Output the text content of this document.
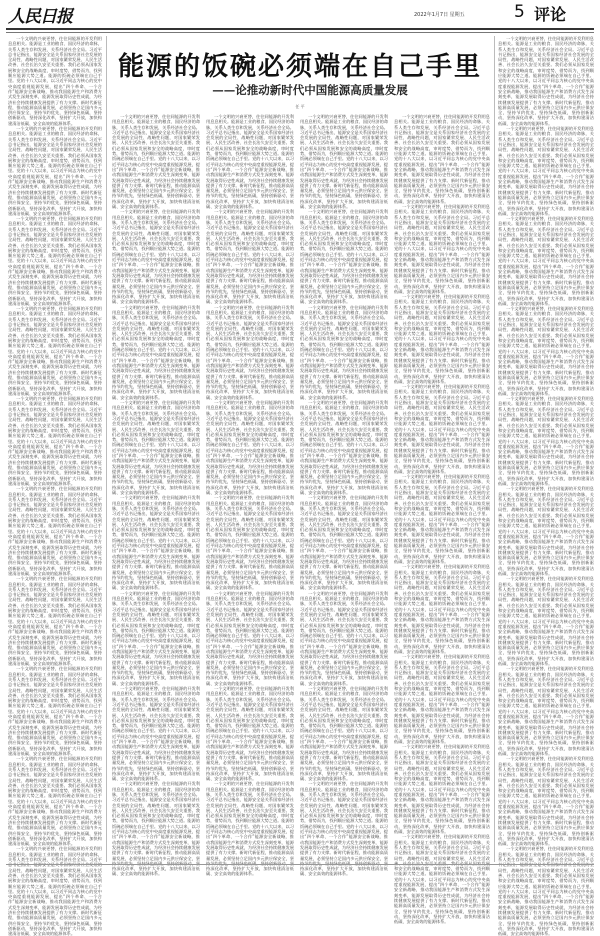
人民日报	2022年1月7日 星期五	5 评论
能源的饭碗必须端在自己手里
——论推动新时代中国能源高质量发展
任 平

一个文明的兴衰更替，往往同能源的开发利用息息相关。能源是工业的粮食、国民经济的命脉，关系人类生存和发展，关系经济社会全局。习近平总书记指出，能源安全是关系国家经济社会发展的全局性、战略性问题，对国家繁荣发展、人民生活改善、社会长治久安至关重要。我们必须从国家发展和安全的战略高度，审时度势，借势而为，找到顺应能源大势之道。能源的饭碗必须端在自己手里。党的十八大以来，以习近平同志为核心的党中央高度重视能源发展，提出“四个革命、一个合作”能源安全新战略，推动我国能源生产和消费方式发生深刻变革，能源发展取得历史性成就，为经济社会持续健康发展提供了有力支撑。新时代新征程，推动能源高质量发展，必须坚持立足国内多元供应保安全，坚持节约优先，坚持绿色低碳，坚持创新驱动，坚持深化改革，坚持扩大开放，加快构建清洁低碳、安全高效的能源体系。

一个文明的兴衰更替，往往同能源的开发利用息息相关。能源是工业的粮食、国民经济的命脉，关系人类生存和发展，关系经济社会全局。习近平总书记指出，能源安全是关系国家经济社会发展的全局性、战略性问题，对国家繁荣发展、人民生活改善、社会长治久安至关重要。我们必须从国家发展和安全的战略高度，审时度势，借势而为，找到顺应能源大势之道。能源的饭碗必须端在自己手里。党的十八大以来，以习近平同志为核心的党中央高度重视能源发展，提出“四个革命、一个合作”能源安全新战略，推动我国能源生产和消费方式发生深刻变革，能源发展取得历史性成就，为经济社会持续健康发展提供了有力支撑。新时代新征程，推动能源高质量发展，必须坚持立足国内多元供应保安全，坚持节约优先，坚持绿色低碳，坚持创新驱动，坚持深化改革，坚持扩大开放，加快构建清洁低碳、安全高效的能源体系。

一个文明的兴衰更替，往往同能源的开发利用息息相关。能源是工业的粮食、国民经济的命脉，关系人类生存和发展，关系经济社会全局。习近平总书记指出，能源安全是关系国家经济社会发展的全局性、战略性问题，对国家繁荣发展、人民生活改善、社会长治久安至关重要。我们必须从国家发展和安全的战略高度，审时度势，借势而为，找到顺应能源大势之道。能源的饭碗必须端在自己手里。党的十八大以来，以习近平同志为核心的党中央高度重视能源发展，提出“四个革命、一个合作”能源安全新战略，推动我国能源生产和消费方式发生深刻变革，能源发展取得历史性成就，为经济社会持续健康发展提供了有力支撑。新时代新征程，推动能源高质量发展，必须坚持立足国内多元供应保安全，坚持节约优先，坚持绿色低碳，坚持创新驱动，坚持深化改革，坚持扩大开放，加快构建清洁低碳、安全高效的能源体系。

一个文明的兴衰更替，往往同能源的开发利用息息相关。能源是工业的粮食、国民经济的命脉，关系人类生存和发展，关系经济社会全局。习近平总书记指出，能源安全是关系国家经济社会发展的全局性、战略性问题，对国家繁荣发展、人民生活改善、社会长治久安至关重要。我们必须从国家发展和安全的战略高度，审时度势，借势而为，找到顺应能源大势之道。能源的饭碗必须端在自己手里。党的十八大以来，以习近平同志为核心的党中央高度重视能源发展，提出“四个革命、一个合作”能源安全新战略，推动我国能源生产和消费方式发生深刻变革，能源发展取得历史性成就，为经济社会持续健康发展提供了有力支撑。新时代新征程，推动能源高质量发展，必须坚持立足国内多元供应保安全，坚持节约优先，坚持绿色低碳，坚持创新驱动，坚持深化改革，坚持扩大开放，加快构建清洁低碳、安全高效的能源体系。

一个文明的兴衰更替，往往同能源的开发利用息息相关。能源是工业的粮食、国民经济的命脉，关系人类生存和发展，关系经济社会全局。习近平总书记指出，能源安全是关系国家经济社会发展的全局性、战略性问题，对国家繁荣发展、人民生活改善、社会长治久安至关重要。我们必须从国家发展和安全的战略高度，审时度势，借势而为，找到顺应能源大势之道。能源的饭碗必须端在自己手里。党的十八大以来，以习近平同志为核心的党中央高度重视能源发展，提出“四个革命、一个合作”能源安全新战略，推动我国能源生产和消费方式发生深刻变革，能源发展取得历史性成就，为经济社会持续健康发展提供了有力支撑。新时代新征程，推动能源高质量发展，必须坚持立足国内多元供应保安全，坚持节约优先，坚持绿色低碳，坚持创新驱动，坚持深化改革，坚持扩大开放，加快构建清洁低碳、安全高效的能源体系。

一个文明的兴衰更替，往往同能源的开发利用息息相关。能源是工业的粮食、国民经济的命脉，关系人类生存和发展，关系经济社会全局。习近平总书记指出，能源安全是关系国家经济社会发展的全局性、战略性问题，对国家繁荣发展、人民生活改善、社会长治久安至关重要。我们必须从国家发展和安全的战略高度，审时度势，借势而为，找到顺应能源大势之道。能源的饭碗必须端在自己手里。党的十八大以来，以习近平同志为核心的党中央高度重视能源发展，提出“四个革命、一个合作”能源安全新战略，推动我国能源生产和消费方式发生深刻变革，能源发展取得历史性成就，为经济社会持续健康发展提供了有力支撑。新时代新征程，推动能源高质量发展，必须坚持立足国内多元供应保安全，坚持节约优先，坚持绿色低碳，坚持创新驱动，坚持深化改革，坚持扩大开放，加快构建清洁低碳、安全高效的能源体系。

一个文明的兴衰更替，往往同能源的开发利用息息相关。能源是工业的粮食、国民经济的命脉，关系人类生存和发展，关系经济社会全局。习近平总书记指出，能源安全是关系国家经济社会发展的全局性、战略性问题，对国家繁荣发展、人民生活改善、社会长治久安至关重要。我们必须从国家发展和安全的战略高度，审时度势，借势而为，找到顺应能源大势之道。能源的饭碗必须端在自己手里。党的十八大以来，以习近平同志为核心的党中央高度重视能源发展，提出“四个革命、一个合作”能源安全新战略，推动我国能源生产和消费方式发生深刻变革，能源发展取得历史性成就，为经济社会持续健康发展提供了有力支撑。新时代新征程，推动能源高质量发展，必须坚持立足国内多元供应保安全，坚持节约优先，坚持绿色低碳，坚持创新驱动，坚持深化改革，坚持扩大开放，加快构建清洁低碳、安全高效的能源体系。

一个文明的兴衰更替，往往同能源的开发利用息息相关。能源是工业的粮食、国民经济的命脉，关系人类生存和发展，关系经济社会全局。习近平总书记指出，能源安全是关系国家经济社会发展的全局性、战略性问题，对国家繁荣发展、人民生活改善、社会长治久安至关重要。我们必须从国家发展和安全的战略高度，审时度势，借势而为，找到顺应能源大势之道。能源的饭碗必须端在自己手里。党的十八大以来，以习近平同志为核心的党中央高度重视能源发展，提出“四个革命、一个合作”能源安全新战略，推动我国能源生产和消费方式发生深刻变革，能源发展取得历史性成就，为经济社会持续健康发展提供了有力支撑。新时代新征程，推动能源高质量发展，必须坚持立足国内多元供应保安全，坚持节约优先，坚持绿色低碳，坚持创新驱动，坚持深化改革，坚持扩大开放，加快构建清洁低碳、安全高效的能源体系。

一个文明的兴衰更替，往往同能源的开发利用息息相关。能源是工业的粮食、国民经济的命脉，关系人类生存和发展，关系经济社会全局。习近平总书记指出，能源安全是关系国家经济社会发展的全局性、战略性问题，对国家繁荣发展、人民生活改善、社会长治久安至关重要。我们必须从国家发展和安全的战略高度，审时度势，借势而为，找到顺应能源大势之道。能源的饭碗必须端在自己手里。党的十八大以来，以习近平同志为核心的党中央高度重视能源发展，提出“四个革命、一个合作”能源安全新战略，推动我国能源生产和消费方式发生深刻变革，能源发展取得历史性成就，为经济社会持续健康发展提供了有力支撑。新时代新征程，推动能源高质量发展，必须坚持立足国内多元供应保安全，坚持节约优先，坚持绿色低碳，坚持创新驱动，坚持深化改革，坚持扩大开放，加快构建清洁低碳、安全高效的能源体系。

一个文明的兴衰更替，往往同能源的开发利用息息相关。能源是工业的粮食、国民经济的命脉，关系人类生存和发展，关系经济社会全局。习近平 全局性、战略性问题，对国家繁荣发展、人民生活改善、社会长治久安至关重要。我们必须从国家发展和安全的战略高度，审时度势，借势而为，找到顺应能源大势之道。能源的饭碗必须端在自己手里。党的十八大以来，以习近平同志为核心的党中央高度重视能源发展，提出“四个革命、一个合作”能源安全新战略，推动我国能源生产和消费方式发生深刻变革，能源发展取得历史性成就，为经济社会持续健康发展提供了有力支撑。新时代新征程，推动能源高质量发展，必须坚持立足国内多元供应保安全，坚持节约优先，坚持绿色低碳，坚持创新驱动，坚持深化改革，坚持扩大开放，加快构建清洁低碳、安全高效的能源体系。

一个文明的兴衰更替，往往同能源的开发利用息息相关。能源是工业的粮食、国民经济的命脉，关系人类生存和发展，关系经济社会全局。习近平总书记指出，能源安全是关系国家经济社会发展的全局性、战略性问题，对国家繁荣发展、人民生活改善、社会长治久安至关重要。我们必须从国家发展和安全的战略高度，审时度势，借势而为，找到顺应能源大势之道。能源的饭碗必须端在自己手里。党的十八大以来，以习近平同志为核心的党中央高度重视能源发展，提出“四个革命、一个合作”能源安全新战略，推动我国能源生产和消费方式发生深刻变革，能源发展取得历史性成就，为经济社会持续健康发展提供了有力支撑。新时代新征程，推动能源高质量发展，必须坚持立足国内多元供应保安全，坚持节约优先，坚持绿色低碳，坚持创新驱动，坚持深化改革，坚持扩大开放，加快构建清洁低碳、安全高效的能源体系。

一个文明的兴衰更替，往往同能源的开发利用息息相关。能源是工业的粮食、国民经济的命脉，关系人类生存和发展，关系经济社会全局。习近平总书记指出，能源安全是关系国家经济社会发展的全局性、战略性问题，对国家繁荣发展、人民生活改善、社会长治久安至关重要。我们必须从国家发展和安全的战略高度，审时度势，借势而为，找到顺应能源大势之道。能源的饭碗必须端在自己手里。党的十八大以来，以习近平同志为核心的党中央高度重视能源发展，提出“四个革命、一个合作”能源安全新战略，推动我国能源生产和消费方式发生深刻变革，能源发展取得历史性成就，为经济社会持续健康发展提供了有力支撑。新时代新征程，推动能源高质量发展，必须坚持立足国内多元供应保安全，坚持节约优先，坚持绿色低碳，坚持创新驱动，坚持深化改革，坚持扩大开放，加快构建清洁低碳、安全高效的能源体系。

一个文明的兴衰更替，往往同能源的开发利用息息相关。能源是工业的粮食、国民经济的命脉，关系人类生存和发展，关系经济社会全局。习近平总书记指出，能源安全是关系国家经济社会发展的全局性、战略性问题，对国家繁荣发展、人民生活改善、社会长治久安至关重要。我们必须从国家发展和安全的战略高度，审时度势，借势而为，找到顺应能源大势之道。能源的饭碗必须端在自己手里。党的十八大以来，以习近平同志为核心的党中央高度重视能源发展，提出“四个革命、一个合作”能源安全新战略，推动我国能源生产和消费方式发生深刻变革，能源发展取得历史性成就，为经济社会持续健康发展提供了有力支撑。新时代新征程，推动能源高质量发展，必须坚持立足国内多元供应保安全，坚持节约优先，坚持绿色低碳，坚持创新驱动，坚持深化改革，坚持扩大开放，加快构建清洁低碳、安全高效的能源体系。

一个文明的兴衰更替，往往同能源的开发利用息息相关。能源是工业的粮食、国民经济的命脉，关系人类生存和发展，关系经济社会全局。习近平总书记指出，能源安全是关系国家经济社会发展的全局性、战略性问题，对国家繁荣发展、人民生活改善、社会长治久安至关重要。我们必须从国家发展和安全的战略高度，审时度势，借势而为，找到顺应能源大势之道。能源的饭碗必须端在自己手里。党的十八大以来，以习近平同志为核心的党中央高度重视能源发展，提出“四个革命、一个合作”能源安全新战略，推动我国能源生产和消费方式发生深刻变革，能源发展取得历史性成就，为经济社会持续健康发展提供了有力支撑。新时代新征程，推动能源高质量发展，必须坚持立足国内多元供应保安全，坚持节约优先，坚持绿色低碳，坚持创新驱动，坚持深化改革，坚持扩大开放，加快构建清洁低碳、安全高效的能源体系。

一个文明的兴衰更替，往往同能源的开发利用息息相关。能源是工业的粮食、国民经济的命脉，关系人类生存和发展，关系经济社会全局。习近平总书记指出，能源安全是关系国家经济社会发展的全局性、战略性问题，对国家繁荣发展、人民生活改善、社会长治久安至关重要。我们必须从国家发展和安全的战略高度，审时度势，借势而为，找到顺应能源大势之道。能源的饭碗必须端在自己手里。党的十八大以来，以习近平同志为核心的党中央高度重视能源发展，提出“四个革命、一个合作”能源安全新战略，推动我国能源生产和消费方式发生深刻变革，能源发展取得历史性成就，为经济社会持续健康发展提供了有力支撑。新时代新征程，推动能源高质量发展，必须坚持立足国内多元供应保安全，坚持节约优先，坚持绿色低碳，坚持创新驱动，坚持深化改革，坚持扩大开放，加快构建清洁低碳、安全高效的能源体系。

一个文明的兴衰更替，往往同能源的开发利用息息相关。能源是工业的粮食、国民经济的命脉，关系人类生存和发展，关系经济社会全局。习近平总书记指出，能源安全是关系国家经济社会发展的全局性、战略性问题，对国家繁荣发展、人民生活改善、社会长治久安至关重要。我们必须从国家发展和安全的战略高度，审时度势，借势而为，找到顺应能源大势之道。能源的饭碗必须端在自己手里。党的十八大以来，以习近平同志为核心的党中央高度重视能源发展，提出“四个革命、一个合作”能源安全新战略，推动我国能源生产和消费方式发生深刻变革，能源发展取得历史性成就，为经济社会持续健康发展提供了有力支撑。新时代新征程，推动能源高质量发展，必须坚持立足国内多元供应保安全，坚持节约优先，坚持绿色低碳，坚持创新驱动，坚持深化改革，坚持扩大开放，加快构建清洁低碳、安全高效的能源体系。

一个文明的兴衰更替，往往同能源的开发利用息息相关。能源是工业的粮食、国民经济的命脉，关系人类生存和发展，关系经济社会全局。习近平总书记指出，能源安全是关系国家经济社会发展的全局性、战略性问题，对国家繁荣发展、人民生活改善、社会长治久安至关重要。我们必须从国家发展和安全的战略高度，审时度势，借势而为，找到顺应能源大势之道。能源的饭碗必须端在自己手里。党的十八大以来，以习近平同志为核心的党中央高度重视能源发展，提出“四个革命、一个合作”能源安全新战略，推动我国能源生产和消费方式发生深刻变革，能源发展取得历史性成就，为经济社会持续健康发展提供了有力支撑。新时代新征程，推动能源高质量发展，必须坚持立足国内多元供应保安全，坚持节约优先，坚持绿色低碳，坚持创新驱动，坚持深化改革，坚持扩大开放，加快构建清洁低碳、安全高效的能源体系。

一个文明的兴衰更替，往往同能源的开发利用息息相关。能源是工业的粮食、国民经济的命脉，关系人类生存和发展，关系经济社会全局。习近平总书记指出，能源安全是关系国家经济社会发展的全局性、战略性问题，对国家繁荣发展、人民生活改善、社会长治久安至关重要。我们必须从国家发展和安全的战略高度，审时度势，借势而为，找到顺应能源大势之道。能源的饭碗必须端在自己手里。党的十八大以来，以习近平同志为核心的党中央高度重视能源发展，提出“四个革命、一个合作”能源安全新战略，推动我国能源生产和消费方式发生深刻变革，能源发展取得历史性成就，为经济社会持续健康发展提供了有力支撑。新时代新征程，推动能源高质量发展，必须坚持立足国内多元供应保安全，坚 持深化改革，坚持扩大开放，加快构建清洁低碳、安全高效的能源体系。

一个文明的兴衰更替，往往同能源的开发利用息息相关。能源是工业的粮食、国民经济的命脉，关系人类生存和发展，关系经济社会全局。习近平总书记指出，能源安全是关系国家经济社会发展的全局性、战略性问题，对国家繁荣发展、人民生活改善、社会长治久安至关重要。我们必须从国家发展和安全的战略高度，审时度势，借势而为，找到顺应能源大势之道。能源的饭碗必须端在自己手里。党的十八大以来，以习近平同志为核心的党中央高度重视能源发展，提出“四个革命、一个合作”能源安全新战略，推动我国能源生产和消费方式发生深刻变革，能源发展取得历史性成就，为经济社会持续健康发展提供了有力支撑。新时代新征程，推动能源高质量发展，必须坚持立足国内多元供应保安全，坚持节约优先，坚持绿色低碳，坚持创新驱动，坚持深化改革，坚持扩大开放，加快构建清洁低碳、安全高效的能源体系。

一个文明的兴衰更替，往往同能源的开发利用息息相关。能源是工业的粮食、国民经济的命脉，关系人类生存和发展，关系经济社会全局。习近平总书记指出，能源安全是关系国家经济社会发展的全局性、战略性问题，对国家繁荣发展、人民生活改善、社会长治久安至关重要。我们必须从国家发展和安全的战略高度，审时度势，借势而为，找到顺应能源大势之道。能源的饭碗必须端在自己手里。党的十八大以来，以习近平同志为核心的党中央高度重视能源发展，提出“四个革命、一个合作”能源安全新战略，推动我国能源生产和消费方式发生深刻变革，能源发展取得历史性成就，为经济社会持续健康发展提供了有力支撑。新时代新征程，推动能源高质量发展，必须坚持立足国内多元供应保安全，坚持节约优先，坚持绿色低碳，坚持创新驱动，坚持深化改革，坚持扩大开放，加快构建清洁低碳、安全高效的能源体系。

一个文明的兴衰更替，往往同能源的开发利用息息相关。能源是工业的粮食、国民经济的命脉，关系人类生存和发展，关系经济社会全局。习近平总书记指出，能源安全是关系国家经济社会发展的全局性、战略性问题，对国家繁荣发展、人民生活改善、社会长治久安至关重要。我们必须从国家发展和安全的战略高度，审时度势，借势而为，找到顺应能源大势之道。能源的饭碗必须端在自己手里。党的十八大以来，以习近平同志为核心的党中央高度重视能源发展，提出“四个革命、一个合作”能源安全新战略，推动我国能源生产和消费方式发生深刻变革，能源发展取得历史性成就，为经济社会持续健康发展提供了有力支撑。新时代新征程，推动能源高质量发展，必须坚持立足国内多元供应保安全，坚持节约优先，坚持绿色低碳，坚持创新驱动，坚持深化改革，坚持扩大开放，加快构建清洁低碳、安全高效的能源体系。

一个文明的兴衰更替，往往同能源的开发利用息息相关。能源是工业的粮食、国民经济的命脉，关系人类生存和发展，关系经济社会全局。习近平总书记指出，能源安全是关系国家经济社会发展的全局性、战略性问题，对国家繁荣发展、人民生活改善、社会长治久安至关重要。我们必须从国家发展和安全的战略高度，审时度势，借势而为，找到顺应能源大势之道。能源的饭碗必须端在自己手里。党的十八大以来，以习近平同志为核心的党中央高度重视能源发展，提出“四个革命、一个合作”能源安全新战略，推动我国能源生产和消费方式发生深刻变革，能源发展取得历史性成就，为经济社会持续健康发展提供了有力支撑。新时代新征程，推动能源高质量发展，必须坚持立足国内多元供应保安全，坚持节约优先，坚持绿色低碳，坚持创新驱动，坚持深化改革，坚持扩大开放，加快构建清洁低碳、安全高效的能源体系。

一个文明的兴衰更替，往往同能源的开发利用息息相关。能源是工业的粮食、国民经济的命脉，关系人类生存和发展，关系经济社会全局。习近平总书记指出，能源安全是关系国家经济社会发展的全局性、战略性问题，对国家繁荣发展、人民生活改善、社会长治久安至关重要。我们必须从国家发展和安全的战略高度，审时度势，借势而为，找到顺应能源大势之道。能源的饭碗必须端在自己手里。党的十八大以来，以习近平同志为核心的党中央高度重视能源发展，提出“四个革命、一个合作”能源安全新战略，推动我国能源生产和消费方式发生深刻变革，能源发展取得历史性成就，为经济社会持续健康发展提供了有力支撑。新时代新征程，推动能源高质量发展，必须坚持立足国内多元供应保安全，坚持节约优先，坚持绿色低碳，坚持创新驱动，坚持深化改革，坚持扩大开放，加快构建清洁低碳、安全高效的能源体系。

一个文明的兴衰更替，往往同能源的开发利用息息相关。能源是工业的粮食、国民经济的命脉，关系人类生存和发展，关系经济社会全局。习近平总书记指出，能源安全是关系国家经济社会发展的全局性、战略性问题，对国家繁荣发展、人民生活改善、社会长治久安至关重要。我们必须从国家发展和安全的战略高度，审时度势，借势而为，找到顺应能源大势之道。能源的饭碗必须端在自己手里。党的十八大以来，以习近平同志为核心的党中央高度重视能源发展，提出“四个革命、一个合作”能源安全新战略，推动我国能源生产和消费方式发生深刻变革，能源发展取得历史性成就，为经济社会持续健康发展提供了有力支撑。新时代新征程，推动能源高质量发展，必须坚持立足国内多元供应保安全，坚持节约优先，坚持绿色低碳，坚持创新驱动，坚持深化改革，坚持扩大开放，加快构建清洁低碳、安全高效的能源体系。

一个文明的兴衰更替，往往同能源的开发利用息息相关。能源是工业的粮食、国民经济的命脉，关系人类生存和发展，关系经济社会全局。习近平总书记指出，能源安全是关系国家经济社会发展的全局性、战略性问题，对国家繁荣发展、人民生活改善、社会长治久安至关重要。我们必须从国家发展和安全的战略高度，审时度势，借势而为，找到顺应能源大势之道。能源的饭碗必须端在自己手里。党的十八大以来，以习近平同志为核心的党中央高度重视能源发展，提出“四个革命、一个合作”能源安全新战略，推动我国能源生产和消费方式发生深刻变革，能源发展取得历史性成就，为经济社会持续健康发展提供了有力支撑。新时代新征程，推动能源高质量发展，必须坚持立足国内多元供应保安全，坚持节约优先，坚持绿色低碳，坚持创新驱动，坚持深化改革，坚持扩大开放，加快构建清洁低碳、安全高效的能源体系。

一个文明的兴衰更替，往往同能源的开发利用息息相关。能源是工业的粮食、国民经济的命脉，关系人类生存和发展，关系经济社会全局。习近平总书记指出，能源安全是关系国家经济社会发展的全局性、战略性问题，对国家繁荣发展、人民生活改善、社会长治久安至关重要。我们必须从国家发展和安全的战略高度，审时度势，借势而为，找到顺应能源大势之道。能源的饭碗必须端在自己手里。党的十八大以来，以习近平同志为核心的党中央高度重视能源发展，提出“四个革命、一个合作”能源安全新战略，推动我国能源生产和消费方式发生深刻变革，能源发展取得历史性成就，为经济社会持续健康发展提供了有力支撑。新时代新征程，推动能源高质量发展，必须坚持立足国内多元供应保安全，坚 持深化改革，坚持扩大开放，加快构建清洁低碳、安全高效的能源体系。

一个文明的兴衰更替，往往同能源的开发利用息息相关。能源是工业的粮食、国民经济的命脉，关系人类生存和发展，关系经济社会全局。习近平总书记指出，能源安全是关系国家经济社会发展的全局性、战略性问题，对国家繁荣发展、人民生活改善、社会长治久安至关重要。我们必须从国家发展和安全的战略高度，审时度势，借势而为，找到顺应能源大势之道。能源的饭碗必须端在自己手里。党的十八大以来，以习近平同志为核心的党中央高度重视能源发展，提出“四个革命、一个合作”能源安全新战略，推动我国能源生产和消费方式发生深刻变革，能源发展取得历史性成就，为经济社会持续健康发展提供了有力支撑。新时代新征程，推动能源高质量发展，必须坚持立足国内多元供应保安全，坚持节约优先，坚持绿色低碳，坚持创新驱动，坚持深化改革，坚持扩大开放，加快构建清洁低碳、安全高效的能源体系。

一个文明的兴衰更替，往往同能源的开发利用息息相关。能源是工业的粮食、国民经济的命脉，关系人类生存和发展，关系经济社会全局。习近平总书记指出，能源安全是关系国家经济社会发展的全局性、战略性问题，对国家繁荣发展、人民生活改善、社会长治久安至关重要。我们必须从国家发展和安全的战略高度，审时度势，借势而为，找到顺应能源大势之道。能源的饭碗必须端在自己手里。党的十八大以来，以习近平同志为核心的党中央高度重视能源发展，提出“四个革命、一个合作”能源安全新战略，推动我国能源生产和消费方式发生深刻变革，能源发展取得历史性成就，为经济社会持续健康发展提供了有力支撑。新时代新征程，推动能源高质量发展，必须坚持立足国内多元供应保安全，坚持节约优先，坚持绿色低碳，坚持创新驱动，坚持深化改革，坚持扩大开放，加快构建清洁低碳、安全高效的能源体系。

一个文明的兴衰更替，往往同能源的开发利用息息相关。能源是工业的粮食、国民经济的命脉，关系人类生存和发展，关系经济社会全局。习近平总书记指出，能源安全是关系国家经济社会发展的全局性、战略性问题，对国家繁荣发展、人民生活改善、社会长治久安至关重要。我们必须从国家发展和安全的战略高度，审时度势，借势而为，找到顺应能源大势之道。能源的饭碗必须端在自己手里。党的十八大以来，以习近平同志为核心的党中央高度重视能源发展，提出“四个革命、一个合作”能源安全新战略，推动我国能源生产和消费方式发生深刻变革，能源发展取得历史性成就，为经济社会持续健康发展提供了有力支撑。新时代新征程，推动能源高质量发展，必须坚持立足国内多元供应保安全，坚持节约优先，坚持绿色低碳，坚持创新驱动，坚持深化改革，坚持扩大开放，加快构建清洁低碳、安全高效的能源体系。

一个文明的兴衰更替，往往同能源的开发利用息息相关。能源是工业的粮食、国民经济的命脉，关系人类生存和发展，关系经济社会全局。习近平总书记指出，能源安全是关系国家经济社会发展的全局性、战略性问题，对国家繁荣发展、人民生活改善、社会长治久安至关重要。我们必须从国家发展和安全的战略高度，审时度势，借势而为，找到顺应能源大势之道。能源的饭碗必须端在自己手里。党的十八大以来，以习近平同志为核心的党中央高度重视能源发展，提出“四个革命、一个合作”能源安全新战略，推动我国能源生产和消费方式发生深刻变革，能源发展取得历史性成就，为经济社会持续健康发展提供了有力支撑。新时代新征程，推动能源高质量发展，必须坚持立足国内多元供应保安全，坚持节约优先，坚持绿色低碳，坚持创新驱动，坚持深化改革，坚持扩大开放，加快构建清洁低碳、安全高效的能源体系。

一个文明的兴衰更替，往往同能源的开发利用息息相关。能源是工业的粮食、国民经济的命脉，关系人类生存和发展，关系经济社会全局。习近平总书记指出，能源安全是关系国家经济社会发展的全局性、战略性问题，对国家繁荣发展、人民生活改善、社会长治久安至关重要。我们必须从国家发展和安全的战略高度，审时度势，借势而为，找到顺应能源大势之道。能源的饭碗必须端在自己手里。党的十八大以来，以习近平同志为核心的党中央高度重视能源发展，提出“四个革命、一个合作”能源安全新战略，推动我国能源生产和消费方式发生深刻变革，能源发展取得历史性成就，为经济社会持续健康发展提供了有力支撑。新时代新征程，推动能源高质量发展，必须坚持立足国内多元供应保安全，坚持节约优先，坚持绿色低碳，坚持创新驱动，坚持深化改革，坚持扩大开放，加快构建清洁低碳、安全高效的能源体系。

一个文明的兴衰更替，往往同能源的开发利用息息相关。能源是工业的粮食、国民经济的命脉，关系人类生存和发展，关系经济社会全局。习近平总书记指出，能源安全是关系国家经济社会发展的全局性、战略性问题，对国家繁荣发展、人民生活改善、社会长治久安至关重要。我们必须从国家发展和安全的战略高度，审时度势，借势而为，找到顺应能源大势之道。能源的饭碗必须端在自己手里。党的十八大以来，以习近平同志为核心的党中央高度重视能源发展，提出“四个革命、一个合作”能源安全新战略，推动我国能源生产和消费方式发生深刻变革，能源发展取得历史性成就，为经济社会持续健康发展提供了有力支撑。新时代新征程，推动能源高质量发展，必须坚持立足国内多元供应保安全，坚持节约优先，坚持绿色低碳，坚持创新驱动，坚持深化改革，坚持扩大开放，加快构建清洁低碳、安全高效的能源体系。

一个文明的兴衰更替，往往同能源的开发利用息息相关。能源是工业的粮食、国民经济的命脉，关系人类生存和发展，关系经济社会全局。习近平总书记指出，能源安全是关系国家经济社会发展的全局性、战略性问题，对国家繁荣发展、人民生活改善、社会长治久安至关重要。我们必须从国家发展和安全的战略高度，审时度势，借势而为，找到顺应能源大势之道。能源的饭碗必须端在自己手里。党的十八大以来，以习近平同志为核心的党中央高度重视能源发展，提出“四个革命、一个合作”能源安全新战略，推动我国能源生产和消费方式发生深刻变革，能源发展取得历史性成就，为经济社会持续健康发展提供了有力支撑。新时代新征程，推动能源高质量发展，必须坚持立足国内多元供应保安全，坚持节约优先，坚持绿色低碳，坚持创新驱动，坚持深化改革，坚持扩大开放，加快构建清洁低碳、安全高效的能源体系。

一个文明的兴衰更替，往往同能源的开发利用息息相关。能源是工业的粮食、国民经济的命脉，关系人类生存和发展，关系经济社会全局。习近平总书记指出，能源安全是关系国家经济社会发展的全局性、战略性问题，对国家繁荣发展、人民生活改善、社会长治久安至关重要。我们必须从国家发展和安全的战略高度，审时度势，借势而为，找到顺应能源大势之道。能源的饭碗必须端在自己手里。党的十八大以来，以习近平同志为核心的党中央高度重视能源发展，提出“四个革命、一个合作”能源安全新战略，推动我国能源生产和消费方式发生深刻变革，能源发展取得历史性成就，为经济社会持续健康发展提供了有力支撑。新时代新征程，推动能源高质量发展，必须坚持立足国内多元供应保安全，坚 持深化改革，坚持扩大开放，加快构建清洁低碳、安全高效的能源体系。

一个文明的兴衰更替，往往同能源的开发利用息息相关。能源是工业的粮食、国民经济的命脉，关系人类生存和发展，关系经济社会全局。习近平总书记指出，能源安全是关系国家经济社会发展的全局性、战略性问题，对国家繁荣发展、人民生活改善、社会长治久安至关重要。我们必须从国家发展和安全的战略高度，审时度势，借势而为，找到顺应能源大势之道。能源的饭碗必须端在自己手里。党的十八大以来，以习近平同志为核心的党中央高度重视能源发展，提出“四个革命、一个合作”能源安全新战略，推动我国能源生产和消费方式发生深刻变革，能源发展取得历史性成就，为经济社会持续健康发展提供了有力支撑。新时代新征程，推动能源高质量发展，必须坚持立足国内多元供应保安全，坚持节约优先，坚持绿色低碳，坚持创新驱动，坚持深化改革，坚持扩大开放，加快构建清洁低碳、安全高效的能源体系。

一个文明的兴衰更替，往往同能源的开发利用息息相关。能源是工业的粮食、国民经济的命脉，关系人类生存和发展，关系经济社会全局。习近平总书记指出，能源安全是关系国家经济社会发展的全局性、战略性问题，对国家繁荣发展、人民生活改善、社会长治久安至关重要。我们必须从国家发展和安全的战略高度，审时度势，借势而为，找到顺应能源大势之道。能源的饭碗必须端在自己手里。党的十八大以来，以习近平同志为核心的党中央高度重视能源发展，提出“四个革命、一个合作”能源安全新战略，推动我国能源生产和消费方式发生深刻变革，能源发展取得历史性成就，为经济社会持续健康发展提供了有力支撑。新时代新征程，推动能源高质量发展，必须坚持立足国内多元供应保安全，坚持节约优先，坚持绿色低碳，坚持创新驱动，坚持深化改革，坚持扩大开放，加快构建清洁低碳、安全高效的能源体系。

一个文明的兴衰更替，往往同能源的开发利用息息相关。能源是工业的粮食、国民经济的命脉，关系人类生存和发展，关系经济社会全局。习近平总书记指出，能源安全是关系国家经济社会发展的全局性、战略性问题，对国家繁荣发展、人民生活改善、社会长治久安至关重要。我们必须从国家发展和安全的战略高度，审时度势，借势而为，找到顺应能源大势之道。能源的饭碗必须端在自己手里。党的十八大以来，以习近平同志为核心的党中央高度重视能源发展，提出“四个革命、一个合作”能源安全新战略，推动我国能源生产和消费方式发生深刻变革，能源发展取得历史性成就，为经济社会持续健康发展提供了有力支撑。新时代新征程，推动能源高质量发展，必须坚持立足国内多元供应保安全，坚持节约优先，坚持绿色低碳，坚持创新驱动，坚持深化改革，坚持扩大开放，加快构建清洁低碳、安全高效的能源体系。

一个文明的兴衰更替，往往同能源的开发利用息息相关。能源是工业的粮食、国民经济的命脉，关系人类生存和发展，关系经济社会全局。习近平总书记指出，能源安全是关系国家经济社会发展的全局性、战略性问题，对国家繁荣发展、人民生活改善、社会长治久安至关重要。我们必须从国家发展和安全的战略高度，审时度势，借势而为，找到顺应能源大势之道。能源的饭碗必须端在自己手里。党的十八大以来，以习近平同志为核心的党中央高度重视能源发展，提出“四个革命、一个合作”能源安全新战略，推动我国能源生产和消费方式发生深刻变革，能源发展取得历史性成就，为经济社会持续健康发展提供了有力支撑。新时代新征程，推动能源高质量发展，必须坚持立足国内多元供应保安全，坚持节约优先，坚持绿色低碳，坚持创新驱动，坚持深化改革，坚持扩大开放，加快构建清洁低碳、安全高效的能源体系。

一个文明的兴衰更替，往往同能源的开发利用息息相关。能源是工业的粮食、国民经济的命脉，关系人类生存和发展，关系经济社会全局。习近平总书记指出，能源安全是关系国家经济社会发展的全局性、战略性问题，对国家繁荣发展、人民生活改善、社会长治久安至关重要。我们必须从国家发展和安全的战略高度，审时度势，借势而为，找到顺应能源大势之道。能源的饭碗必须端在自己手里。党的十八大以来，以习近平同志为核心的党中央高度重视能源发展，提出“四个革命、一个合作”能源安全新战略，推动我国能源生产和消费方式发生深刻变革，能源发展取得历史性成就，为经济社会持续健康发展提供了有力支撑。新时代新征程，推动能源高质量发展，必须坚持立足国内多元供应保安全，坚持节约优先，坚持绿色低碳，坚持创新驱动，坚持深化改革，坚持扩大开放，加快构建清洁低碳、安全高效的能源体系。

一个文明的兴衰更替，往往同能源的开发利用息息相关。能源是工业的粮食、国民经济的命脉，关系人类生存和发展，关系经济社会全局。习近平总书记指出，能源安全是关系国家经济社会发展的全局性、战略性问题，对国家繁荣发展、人民生活改善、社会长治久安至关重要。我们必须从国家发展和安全的战略高度，审时度势，借势而为，找到顺应能源大势之道。能源的饭碗必须端在自己手里。党的十八大以来，以习近平同志为核心的党中央高度重视能源发展，提出“四个革命、一个合作”能源安全新战略，推动我国能源生产和消费方式发生深刻变革，能源发展取得历史性成就，为经济社会持续健康发展提供了有力支撑。新时代新征程，推动能源高质量发展，必须坚持立足国内多元供应保安全，坚持节约优先，坚持绿色低碳，坚持创新驱动，坚持深化改革，坚持扩大开放，加快构建清洁低碳、安全高效的能源体系。

一个文明的兴衰更替，往往同能源的开发利用息息相关。能源是工业的粮食、国民经济的命脉，关系人类生存和发展，关系经济社会全局。习近平总书记指出，能源安全是关系国家经济社会发展的全局性、战略性问题，对国家繁荣发展、人民生活改善、社会长治久安至关重要。我们必须从国家发展和安全的战略高度，审时度势，借势而为，找到顺应能源大势之道。能源的饭碗必须端在自己手里。党的十八大以来，以习近平同志为核心的党中央高度重视能源发展，提出“四个革命、一个合作”能源安全新战略，推动我国能源生产和消费方式发生深刻变革，能源发展取得历史性成就，为经济社会持续健康发展提供了有力支撑。新时代新征程，推动能源高质量发展，必须坚持立足国内多元供应保安全，坚持节约优先，坚持绿色低碳，坚持创新驱动，坚持深化改革，坚持扩大开放，加快构建清洁低碳、安全高效的能源体系。

一个文明的兴衰更替，往往同能源的开发利用息息相关。能源是工业的粮食、国民经济的命脉，关系人类生存和发展，关系经济社会全局。习近平总书记指出，能源安全是关系国家经济社会发展的全局性、战略性问题，对国家繁荣发展、人民生活改善、社会长治久安至关重要。我们必须从国家发展和安全的战略高度，审时度势，借势而为，找到顺应能源大势之道。能源的饭碗必须端在自己手里。党的十八大以来，以习近平同志为核心的党中央高度重视能源发展，提出“四个革命、一个合作”能源安全新战略，推动我国能源生产和消费方式发生深刻变革，能源发展取得历史性成就，为经济社会持续健康发展提供了有力支撑。新时代新征程，推动能源高质量发展，必须坚持立足国内多元供应保安全，坚持节约优先，坚持绿色低碳，坚持创新驱动，坚持深化改革，坚持扩大开放，加快构建清洁低碳、安全高效的能源体系。

一个文明的兴衰更替，往往同能源的开发利用息息相关。能源是工业的粮食、国民经济的命脉，关系人类生存和发展，关系经济社会全局。习近平总书记指出，能源安全是关系国家经济社会发展的全局性、战略性问题，对国家繁荣发展、人民生活改 和安全的战略高度，审时度势，借势而为，找到顺应能源大势之道。能源的饭碗必须端在自己手里。党的十八大以来，以习近平同志为核心的党中央高度重视能源发展，提出“四个革命、一个合作”能源安全新战略，推动我国能源生产和消费方式发生深刻变革，能源发展取得历史性成就，为经济社会持续健康发展提供了有力支撑。新时代新征程，推动能源高质量发展，必须坚持立足国内多元供应保安全，坚持节约优先，坚持绿色低碳，坚持创新驱动，坚持深化改革，坚持扩大开放，加快构建清洁低碳、安全高效的能源体系。

一个文明的兴衰更替，往往同能源的开发利用息息相关。能源是工业的粮食、国民经济的命脉，关系人类生存和发展，关系经济社会全局。习近平总书记指出，能源安全是关系国家经济社会发展的全局性、战略性问题，对国家繁荣发展、人民生活改善、社会长治久安至关重要。我们必须从国家发展和安全的战略高度，审时度势，借势而为，找到顺应能源大势之道。能源的饭碗必须端在自己手里。党的十八大以来，以习近平同志为核心的党中央高度重视能源发展，提出“四个革命、一个合作”能源安全新战略，推动我国能源生产和消费方式发生深刻变革，能源发展取得历史性成就，为经济社会持续健康发展提供了有力支撑。新时代新征程，推动能源高质量发展，必须坚持立足国内多元供应保安全，坚持节约优先，坚持绿色低碳，坚持创新驱动，坚持深化改革，坚持扩大开放，加快构建清洁低碳、安全高效的能源体系。

一个文明的兴衰更替，往往同能源的开发利用息息相关。能源是工业的粮食、国民经济的命脉，关系人类生存和发展，关系经济社会全局。习近平总书记指出，能源安全是关系国家经济社会发展的全局性、战略性问题，对国家繁荣发展、人民生活改善、社会长治久安至关重要。我们必须从国家发展和安全的战略高度，审时度势，借势而为，找到顺应能源大势之道。能源的饭碗必须端在自己手里。党的十八大以来，以习近平同志为核心的党中央高度重视能源发展，提出“四个革命、一个合作”能源安全新战略，推动我国能源生产和消费方式发生深刻变革，能源发展取得历史性成就，为经济社会持续健康发展提供了有力支撑。新时代新征程，推动能源高质量发展，必须坚持立足国内多元供应保安全，坚持节约优先，坚持绿色低碳，坚持创新驱动，坚持深化改革，坚持扩大开放，加快构建清洁低碳、安全高效的能源体系。

一个文明的兴衰更替，往往同能源的开发利用息息相关。能源是工业的粮食、国民经济的命脉，关系人类生存和发展，关系经济社会全局。习近平总书记指出，能源安全是关系国家经济社会发展的全局性、战略性问题，对国家繁荣发展、人民生活改善、社会长治久安至关重要。我们必须从国家发展和安全的战略高度，审时度势，借势而为，找到顺应能源大势之道。能源的饭碗必须端在自己手里。党的十八大以来，以习近平同志为核心的党中央高度重视能源发展，提出“四个革命、一个合作”能源安全新战略，推动我国能源生产和消费方式发生深刻变革，能源发展取得历史性成就，为经济社会持续健康发展提供了有力支撑。新时代新征程，推动能源高质量发展，必须坚持立足国内多元供应保安全，坚持节约优先，坚持绿色低碳，坚持创新驱动，坚持深化改革，坚持扩大开放，加快构建清洁低碳、安全高效的能源体系。

一个文明的兴衰更替，往往同能源的开发利用息息相关。能源是工业的粮食、国民经济的命脉，关系人类生存和发展，关系经济社会全局。习近平总书记指出，能源安全是关系国家经济社会发展的全局性、战略性问题，对国家繁荣发展、人民生活改善、社会长治久安至关重要。我们必须从国家发展和安全的战略高度，审时度势，借势而为，找到顺应能源大势之道。能源的饭碗必须端在自己手里。党的十八大以来，以习近平同志为核心的党中央高度重视能源发展，提出“四个革命、一个合作”能源安全新战略，推动我国能源生产和消费方式发生深刻变革，能源发展取得历史性成就，为经济社会持续健康发展提供了有力支撑。新时代新征程，推动能源高质量发展，必须坚持立足国内多元供应保安全，坚持节约优先，坚持绿色低碳，坚持创新驱动，坚持深化改革，坚持扩大开放，加快构建清洁低碳、安全高效的能源体系。

一个文明的兴衰更替，往往同能源的开发利用息息相关。能源是工业的粮食、国民经济的命脉，关系人类生存和发展，关系经济社会全局。习近平总书记指出，能源安全是关系国家经济社会发展的全局性、战略性问题，对国家繁荣发展、人民生活改善、社会长治久安至关重要。我们必须从国家发展和安全的战略高度，审时度势，借势而为，找到顺应能源大势之道。能源的饭碗必须端在自己手里。党的十八大以来，以习近平同志为核心的党中央高度重视能源发展，提出“四个革命、一个合作”能源安全新战略，推动我国能源生产和消费方式发生深刻变革，能源发展取得历史性成就，为经济社会持续健康发展提供了有力支撑。新时代新征程，推动能源高质量发展，必须坚持立足国内多元供应保安全，坚持节约优先，坚持绿色低碳，坚持创新驱动，坚持深化改革，坚持扩大开放，加快构建清洁低碳、安全高效的能源体系。

一个文明的兴衰更替，往往同能源的开发利用息息相关。能源是工业的粮食、国民经济的命脉，关系人类生存和发展，关系经济社会全局。习近平总书记指出，能源安全是关系国家经济社会发展的全局性、战略性问题，对国家繁荣发展、人民生活改善、社会长治久安至关重要。我们必须从国家发展和安全的战略高度，审时度势，借势而为，找到顺应能源大势之道。能源的饭碗必须端在自己手里。党的十八大以来，以习近平同志为核心的党中央高度重视能源发展，提出“四个革命、一个合作”能源安全新战略，推动我国能源生产和消费方式发生深刻变革，能源发展取得历史性成就，为经济社会持续健康发展提供了有力支撑。新时代新征程，推动能源高质量发展，必须坚持立足国内多元供应保安全，坚持节约优先，坚持绿色低碳，坚持创新驱动，坚持深化改革，坚持扩大开放，加快构建清洁低碳、安全高效的能源体系。

一个文明的兴衰更替，往往同能源的开发利用息息相关。能源是工业的粮食、国民经济的命脉，关系人类生存和发展，关系经济社会全局。习近平总书记指出，能源安全是关系国家经济社会发展的全局性、战略性问题，对国家繁荣发展、人民生活改善、社会长治久安至关重要。我们必须从国家发展和安全的战略高度，审时度势，借势而为，找到顺应能源大势之道。能源的饭碗必须端在自己手里。党的十八大以来，以习近平同志为核心的党中央高度重视能源发展，提出“四个革命、一个合作”能源安全新战略，推动我国能源生产和消费方式发生深刻变革，能源发展取得历史性成就，为经济社会持续健康发展提供了有力支撑。新时代新征程，推动能源高质量发展，必须坚持立足国内多元供应保安全，坚持节约优先，坚持绿色低碳，坚持创新驱动，坚持深化改革，坚持扩大开放，加快构建清洁低碳、安全高效的能源体系。

一个文明的兴衰更替，往往同能源的开发利用息息相关。能源是工业的粮食、国民经济的命脉，关系人类生存和发展，关系经济社会全局。习近平总书记指出，能源安全是关系国家经济社会发展的全局性、战略性问题，对国家繁荣发展、人民生活改善、社会长治久安至关重要。我们必须从国家发展和安全的战略高度，审时度势，借势而为，找到顺应能源大势之道。能源的饭碗必须端在自己手里。党的十八大以来，以习近平同志为核心的党中央高度重视能源发展，提出“四个革命、一个合作”能源安全新战略，推动我国能源生产和消费方式发生深刻变革，能源发展取得历史性成就，为经济社会持续健康发展提供了有力支撑。新时代新征程，推动能源高质量发展，必须坚持立足国内多元供应保安全，坚持节约优先，坚持绿色低碳，坚持创新驱动，坚持深化改革，坚持扩大开放，加快构建清洁低碳、安全高效的能源体系。

一个文明的兴衰更替，往往同能源的开发利用息息相关。能源是工业的粮食、国民经济的命脉，关系人类生存和发展，关系经济社会全局。习近平总书记指出，能源安全是关系国家经济社会发展的全局性、战略性问题，对国家繁荣发展、人民生活改善、社会长治久安至关重要。我们必须从国家发展和安全的战略高度，审时度势，借势而为，找到顺应能源大势之道。能源的饭碗必须端在自己手里。党的十八大以来，以习近平同志为核心的党中央高度重视能源发展，提出“四个革命、一个合作”能源安全新战略，推动我国能源生产和消费方式发生深刻变革，能源发展取得历史性成就，为经济社会持续健康发展提供了有力支撑。新时代新征程，推动能源高质量发展，必须坚持立足国内多元供应保安全，坚持节约优先，坚持绿色低碳，坚持创新驱动，坚持深化改革，坚持扩大开放，加快构建清洁低碳、安全高效的能源体系。

一个文明的兴衰更替，往往同能源的开发利用息息相关。能源是工业的粮食、国民经济的命脉，关系人类生存和发展，关系经济社会全局。习近平总 局性、战略性问题，对国家繁荣发展、人民生活改善、社会长治久安至关重要。我们必须从国家发展和安全的战略高度，审时度势，借势而为，找到顺应能源大势之道。能源的饭碗必须端在自己手里。党的十八大以来，以习近平同志为核心的党中央高度重视能源发展，提出“四个革命、一个合作”能源安全新战略，推动我国能源生产和消费方式发生深刻变革，能源发展取得历史性成就，为经济社会持续健康发展提供了有力支撑。新时代新征程，推动能源高质量发展，必须坚持立足国内多元供应保安全，坚持节约优先，坚持绿色低碳，坚持创新驱动，坚持深化改革，坚持扩大开放，加快构建清洁低碳、安全高效的能源体系。
